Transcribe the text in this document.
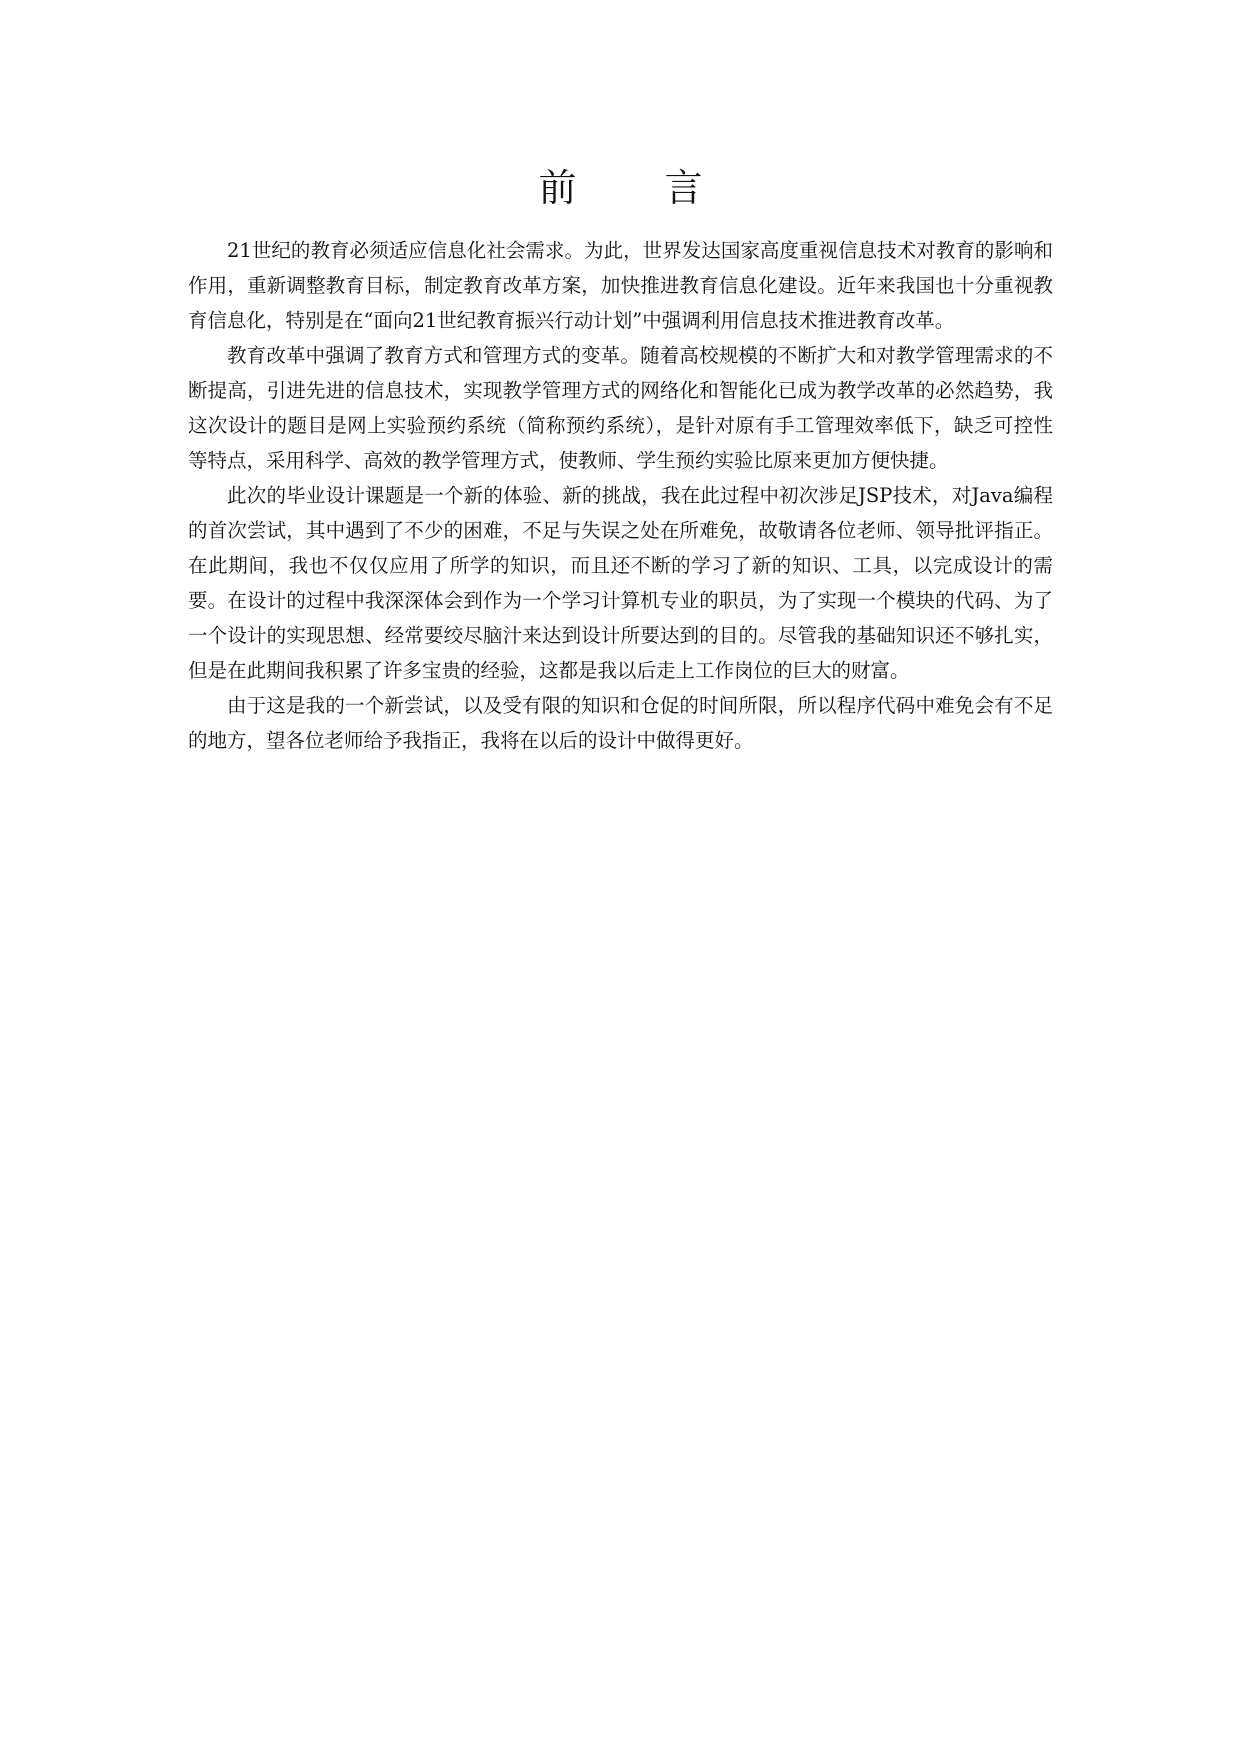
前 言

21世纪的教育必须适应信息化社会需求。为此，世界发达国家高度重视信息技术对教育的影响和作用，重新调整教育目标，制定教育改革方案，加快推进教育信息化建设。近年来我国也十分重视教育信息化，特别是在“面向21世纪教育振兴行动计划”中强调利用信息技术推进教育改革。

教育改革中强调了教育方式和管理方式的变革。随着高校规模的不断扩大和对教学管理需求的不断提高，引进先进的信息技术，实现教学管理方式的网络化和智能化已成为教学改革的必然趋势，我这次设计的题目是网上实验预约系统（简称预约系统），是针对原有手工管理效率低下，缺乏可控性等特点，采用科学、高效的教学管理方式，使教师、学生预约实验比原来更加方便快捷。

此次的毕业设计课题是一个新的体验、新的挑战，我在此过程中初次涉足JSP技术，对Java编程的首次尝试，其中遇到了不少的困难，不足与失误之处在所难免，故敬请各位老师、领导批评指正。在此期间，我也不仅仅应用了所学的知识，而且还不断的学习了新的知识、工具，以完成设计的需要。在设计的过程中我深深体会到作为一个学习计算机专业的职员，为了实现一个模块的代码、为了一个设计的实现思想、经常要绞尽脑汁来达到设计所要达到的目的。尽管我的基础知识还不够扎实，但是在此期间我积累了许多宝贵的经验，这都是我以后走上工作岗位的巨大的财富。

由于这是我的一个新尝试，以及受有限的知识和仓促的时间所限，所以程序代码中难免会有不足的地方，望各位老师给予我指正，我将在以后的设计中做得更好。
